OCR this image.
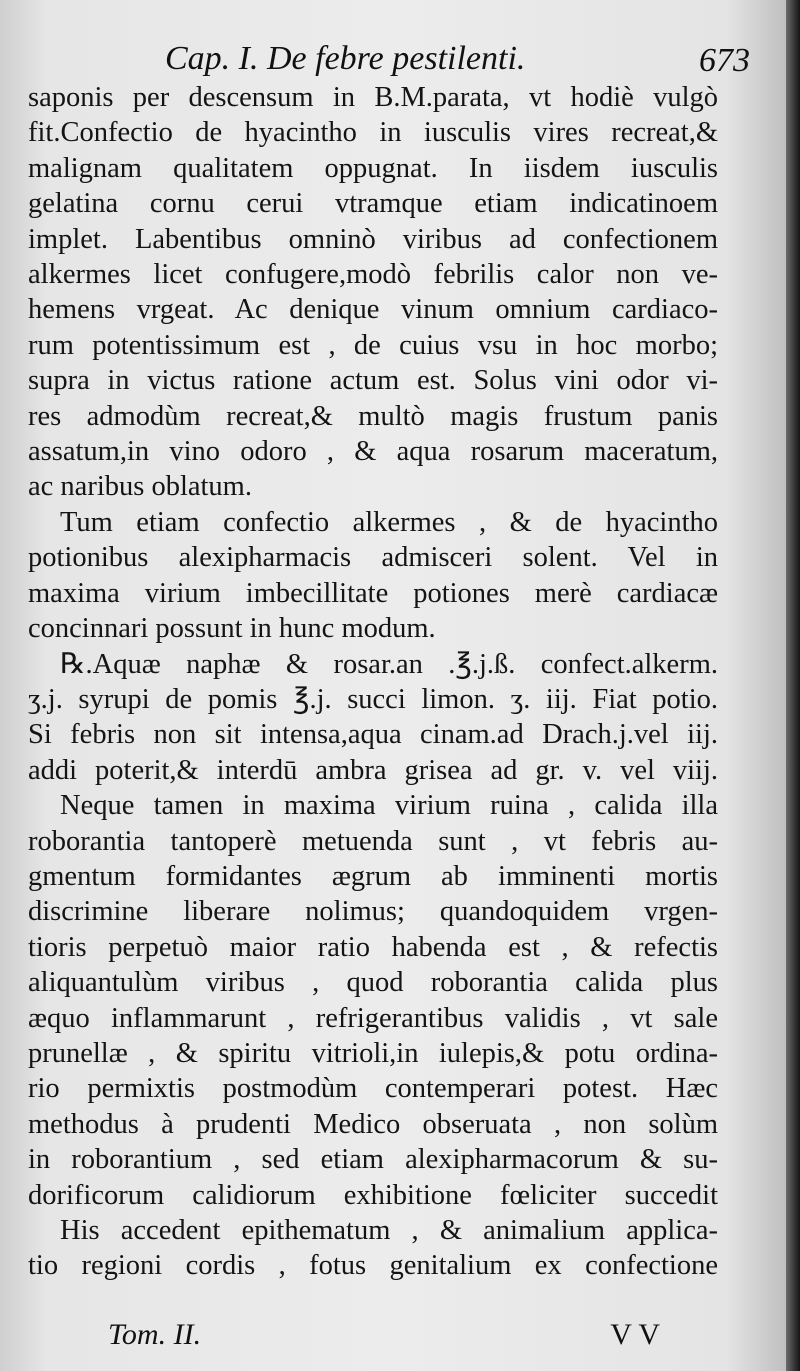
Cap. I. De febre pestilenti.	673
saponis per descensum in B.M.parata, vt hodiè vulgò
fit.Confectio de hyacintho in iusculis vires recreat,&
malignam qualitatem oppugnat. In iisdem iusculis
gelatina cornu cerui vtramque etiam indicatinoem
implet. Labentibus omninò viribus ad confectionem
alkermes licet confugere,modò febrilis calor non ve-
hemens vrgeat. Ac denique vinum omnium cardiaco-
rum potentissimum est , de cuius vsu in hoc morbo;
supra in victus ratione actum est. Solus vini odor vi-
res admodùm recreat,& multò magis frustum panis
assatum,in vino odoro , & aqua rosarum maceratum,
ac naribus oblatum.
Tum etiam confectio alkermes , & de hyacintho
potionibus alexipharmacis admisceri solent. Vel in
maxima virium imbecillitate potiones merè cardiacæ
concinnari possunt in hunc modum.
℞.Aquæ naphæ & rosar.an .℥.j.ß. confect.alkerm.
ʒ.j. syrupi de pomis ℥.j. succi limon. ʒ. iij. Fiat potio.
Si febris non sit intensa,aqua cinam.ad Drach.j.vel iij.
addi poterit,& interdū ambra grisea ad gr. v. vel viij.
Neque tamen in maxima virium ruina , calida illa
roborantia tantoperè metuenda sunt , vt febris au-
gmentum formidantes ægrum ab imminenti mortis
discrimine liberare nolimus; quandoquidem vrgen-
tioris perpetuò maior ratio habenda est , & refectis
aliquantulùm viribus , quod roborantia calida plus
æquo inflammarunt , refrigerantibus validis , vt sale
prunellæ , & spiritu vitrioli,in iulepis,& potu ordina-
rio permixtis postmodùm contemperari potest. Hæc
methodus à prudenti Medico obseruata , non solùm
in roborantium , sed etiam alexipharmacorum & su-
dorificorum calidiorum exhibitione fœliciter succedit
His accedent epithematum , & animalium applica-
tio regioni cordis , fotus genitalium ex confectione
Tom. II.	V V
